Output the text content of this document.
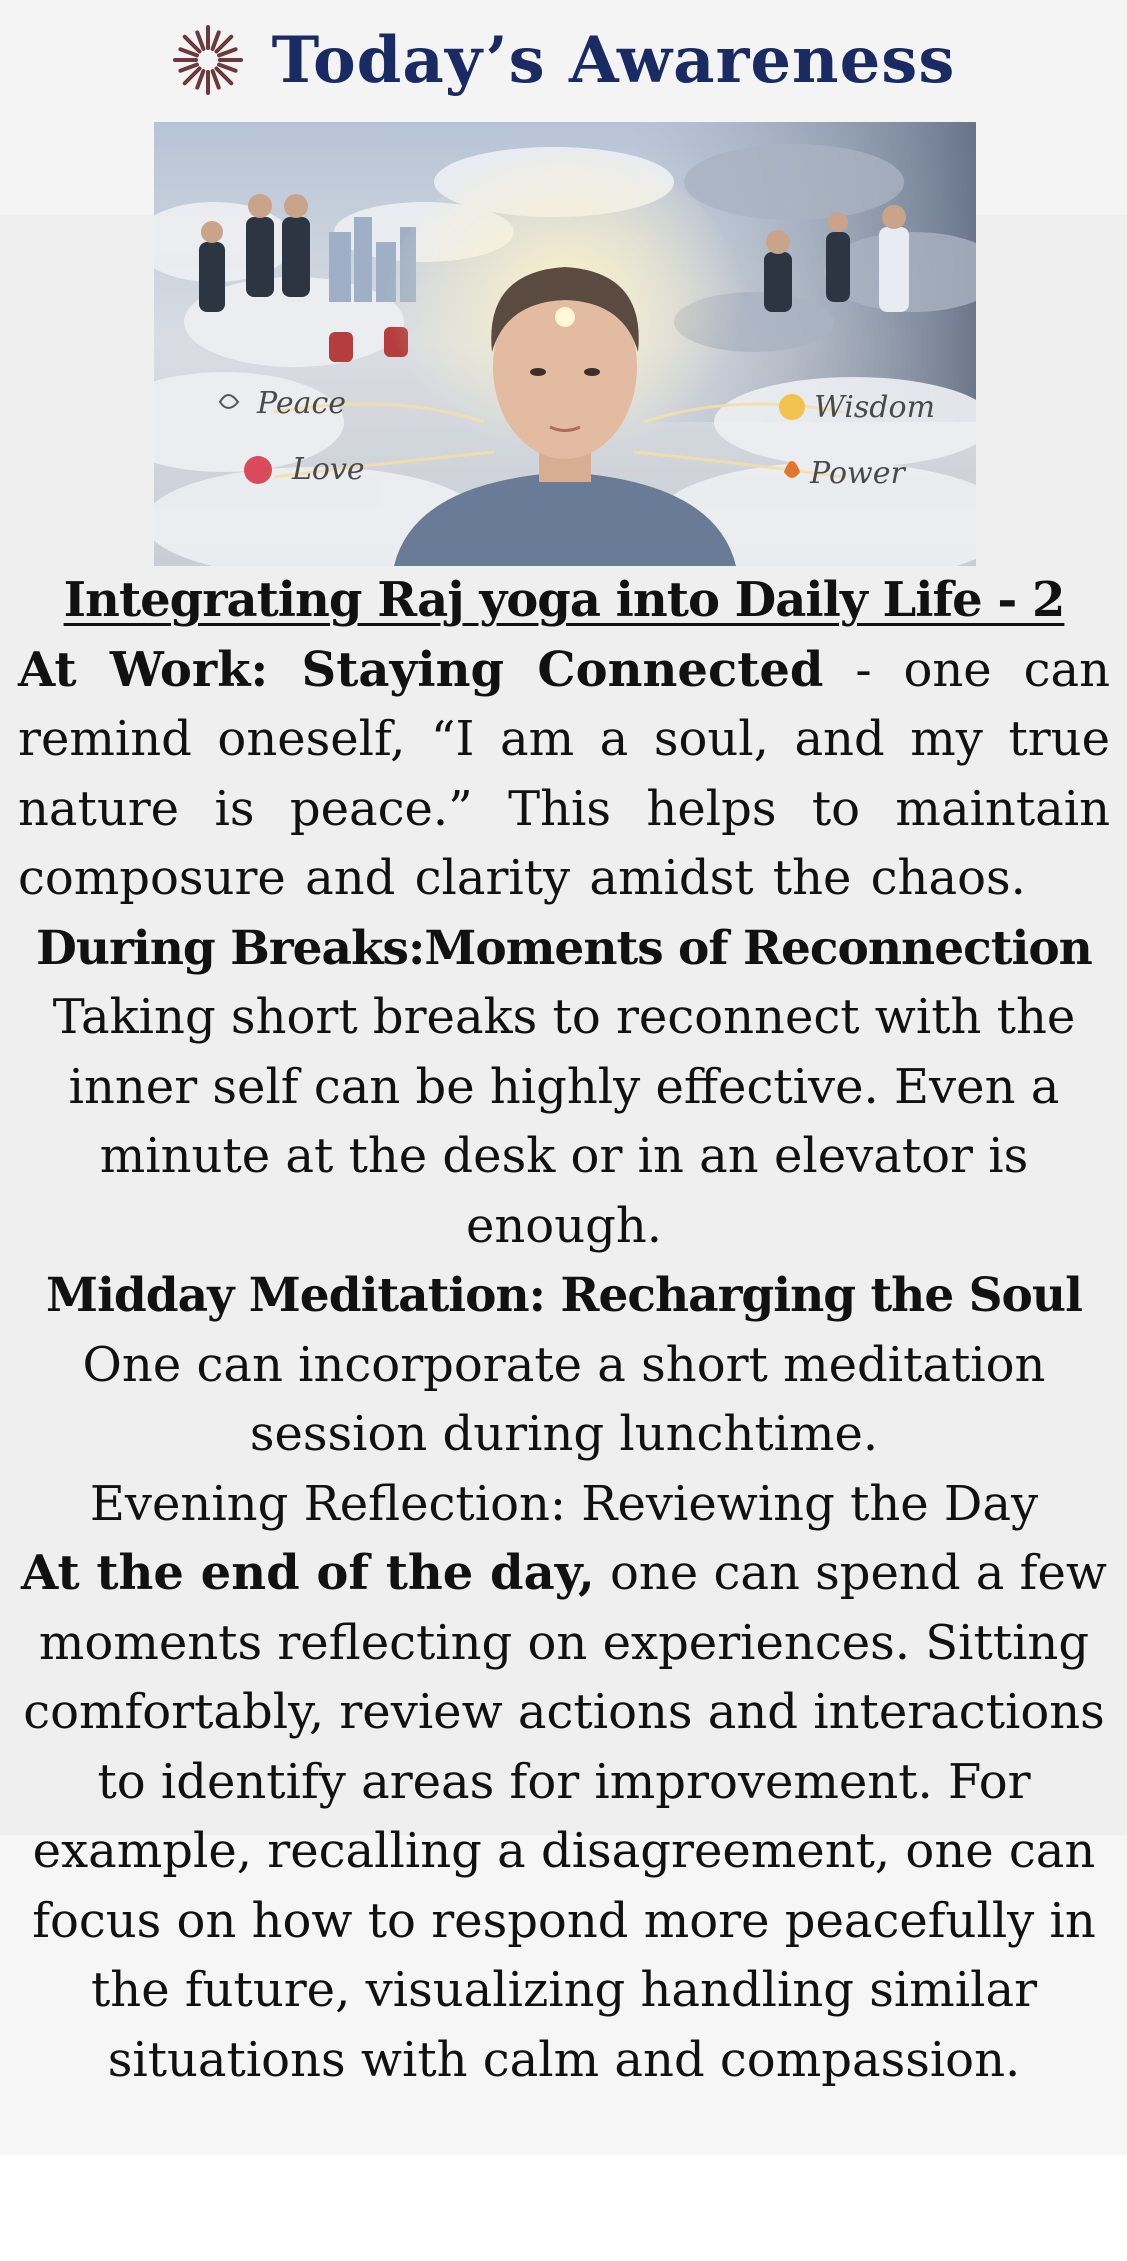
Today’s Awareness
Peace
Love
Wisdom
Power

Integrating Raj yoga into Daily Life - 2

At Work: Staying Connected - one can remind oneself, “I am a soul, and my true nature is peace.” This helps to maintain composure and clarity amidst the chaos.

During Breaks:Moments of Reconnection

Taking short breaks to reconnect with the inner self can be highly effective. Even a minute at the desk or in an elevator is enough.

Midday Meditation: Recharging the Soul

One can incorporate a short meditation session during lunchtime.

Evening Reflection: Reviewing the Day

At the end of the day, one can spend a few moments reflecting on experiences. Sitting comfortably, review actions and interactions to identify areas for improvement. For example, recalling a disagreement, one can focus on how to respond more peacefully in the future, visualizing handling similar situations with calm and compassion.
